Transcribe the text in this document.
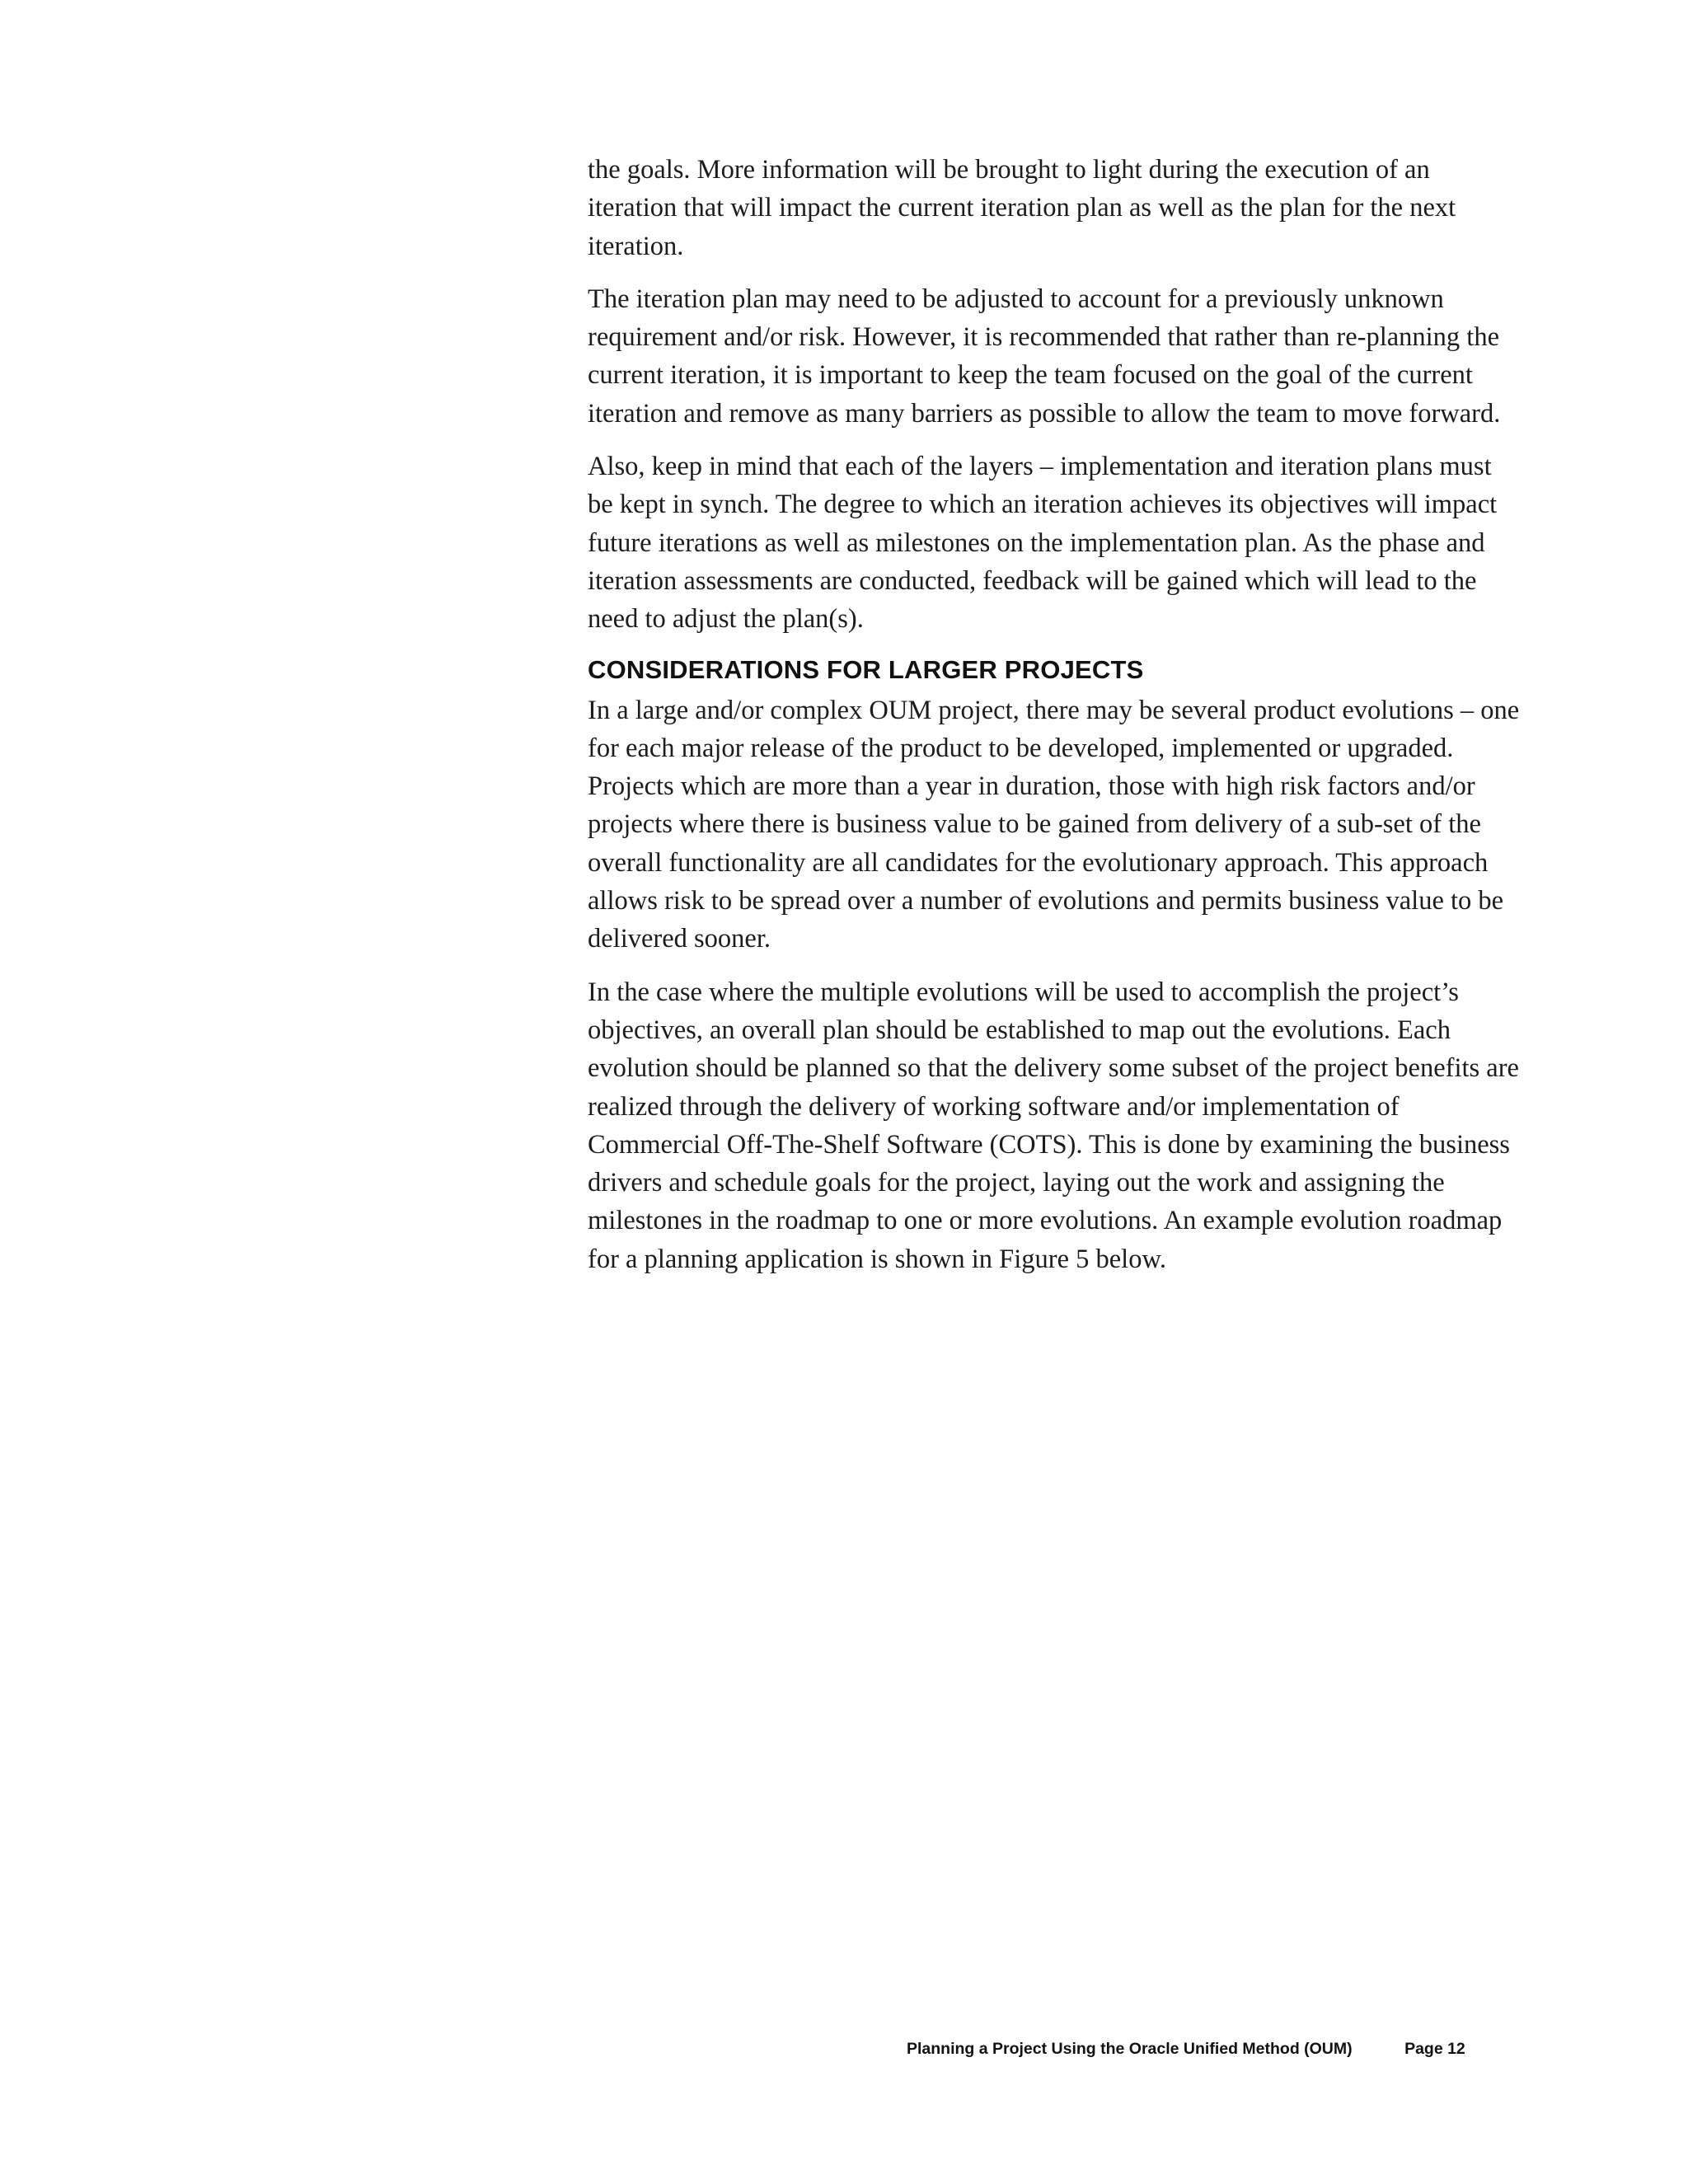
the goals. More information will be brought to light during the execution of an iteration that will impact the current iteration plan as well as the plan for the next iteration.

The iteration plan may need to be adjusted to account for a previously unknown requirement and/or risk. However, it is recommended that rather than re-planning the current iteration, it is important to keep the team focused on the goal of the current iteration and remove as many barriers as possible to allow the team to move forward.

Also, keep in mind that each of the layers – implementation and iteration plans must be kept in synch. The degree to which an iteration achieves its objectives will impact future iterations as well as milestones on the implementation plan. As the phase and iteration assessments are conducted, feedback will be gained which will lead to the need to adjust the plan(s).

CONSIDERATIONS FOR LARGER PROJECTS

In a large and/or complex OUM project, there may be several product evolutions – one for each major release of the product to be developed, implemented or upgraded. Projects which are more than a year in duration, those with high risk factors and/or projects where there is business value to be gained from delivery of a sub-set of the overall functionality are all candidates for the evolutionary approach. This approach allows risk to be spread over a number of evolutions and permits business value to be delivered sooner.

In the case where the multiple evolutions will be used to accomplish the project’s objectives, an overall plan should be established to map out the evolutions. Each evolution should be planned so that the delivery some subset of the project benefits are realized through the delivery of working software and/or implementation of Commercial Off-The-Shelf Software (COTS). This is done by examining the business drivers and schedule goals for the project, laying out the work and assigning the milestones in the roadmap to one or more evolutions. An example evolution roadmap for a planning application is shown in Figure 5 below.

Planning a Project Using the Oracle Unified Method (OUM)	Page 12
